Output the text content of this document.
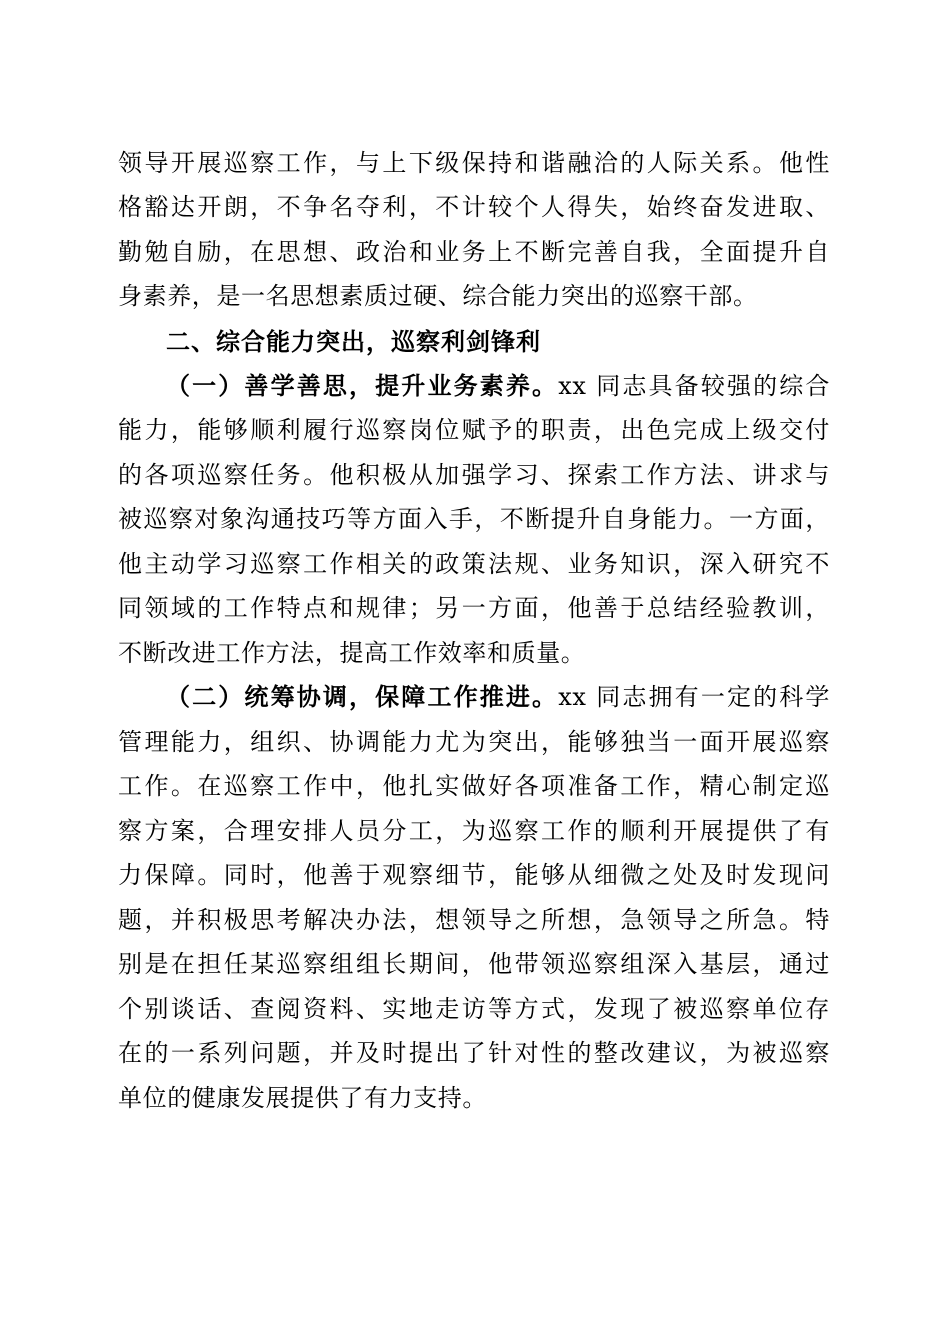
领导开展巡察工作，与上下级保持和谐融洽的人际关系。他性
格豁达开朗，不争名夺利，不计较个人得失，始终奋发进取、
勤勉自励，在思想、政治和业务上不断完善自我，全面提升自
身素养，是一名思想素质过硬、综合能力突出的巡察干部。
二、综合能力突出，巡察利剑锋利
（一）善学善思，提升业务素养。xx 同志具备较强的综合
能力，能够顺利履行巡察岗位赋予的职责，出色完成上级交付
的各项巡察任务。他积极从加强学习、探索工作方法、讲求与
被巡察对象沟通技巧等方面入手，不断提升自身能力。一方面，
他主动学习巡察工作相关的政策法规、业务知识，深入研究不
同领域的工作特点和规律；另一方面，他善于总结经验教训，
不断改进工作方法，提高工作效率和质量。
（二）统筹协调，保障工作推进。xx 同志拥有一定的科学
管理能力，组织、协调能力尤为突出，能够独当一面开展巡察
工作。在巡察工作中，他扎实做好各项准备工作，精心制定巡
察方案，合理安排人员分工，为巡察工作的顺利开展提供了有
力保障。同时，他善于观察细节，能够从细微之处及时发现问
题，并积极思考解决办法，想领导之所想，急领导之所急。特
别是在担任某巡察组组长期间，他带领巡察组深入基层，通过
个别谈话、查阅资料、实地走访等方式，发现了被巡察单位存
在的一系列问题，并及时提出了针对性的整改建议，为被巡察
单位的健康发展提供了有力支持。
